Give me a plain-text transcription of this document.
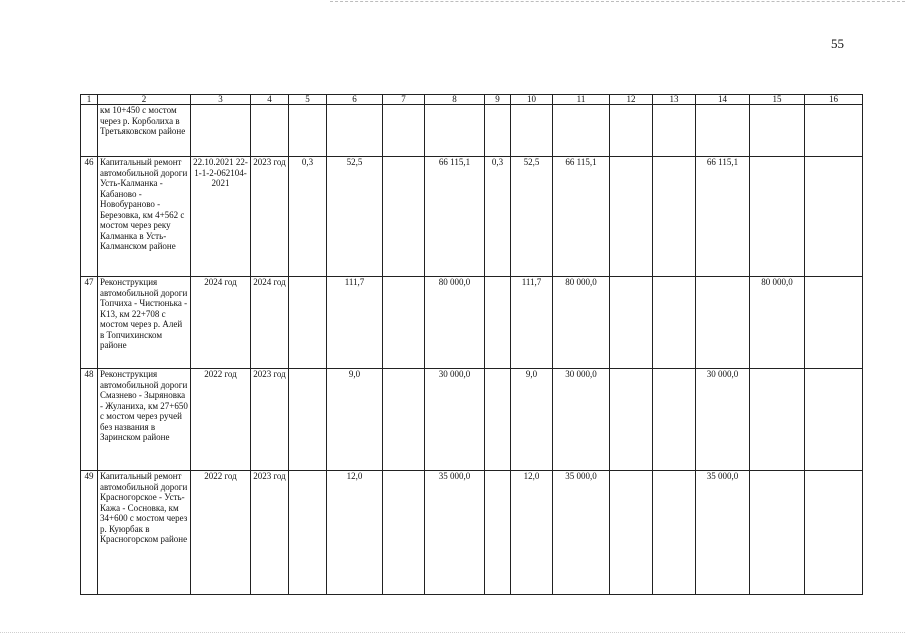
55
1	2	3	4	5	6	7	8	9	10	11	12	13	14	15	16
	км 10+450 с мостом через р. Корболиха в Третьяковском районе														
46	Капитальный ремонт автомобильной дороги Усть-Калманка - Кабаново - Новобураново - Березовка, км 4+562 с мостом через реку Калманка в Усть-Калманском районе	22.10.2021 22-1-1-2-062104-2021	2023 год	0,3	52,5		66 115,1	0,3	52,5	66 115,1			66 115,1		
47	Реконструкция автомобильной дороги Топчиха - Чистюнька - К13, км 22+708 с мостом через р. Алей в Топчихинском районе	2024 год	2024 год		111,7		80 000,0		111,7	80 000,0				80 000,0	
48	Реконструкция автомобильной дороги Смазнево - Зыряновка - Жуланиха, км 27+650 с мостом через ручей без названия в Заринском районе	2022 год	2023 год		9,0		30 000,0		9,0	30 000,0			30 000,0		
49	Капитальный ремонт автомобильной дороги Красногорское - Усть-Кажа - Сосновка, км 34+600 с мостом через р. Куюрбак в Красногорском районе	2022 год	2023 год		12,0		35 000,0		12,0	35 000,0			35 000,0		
